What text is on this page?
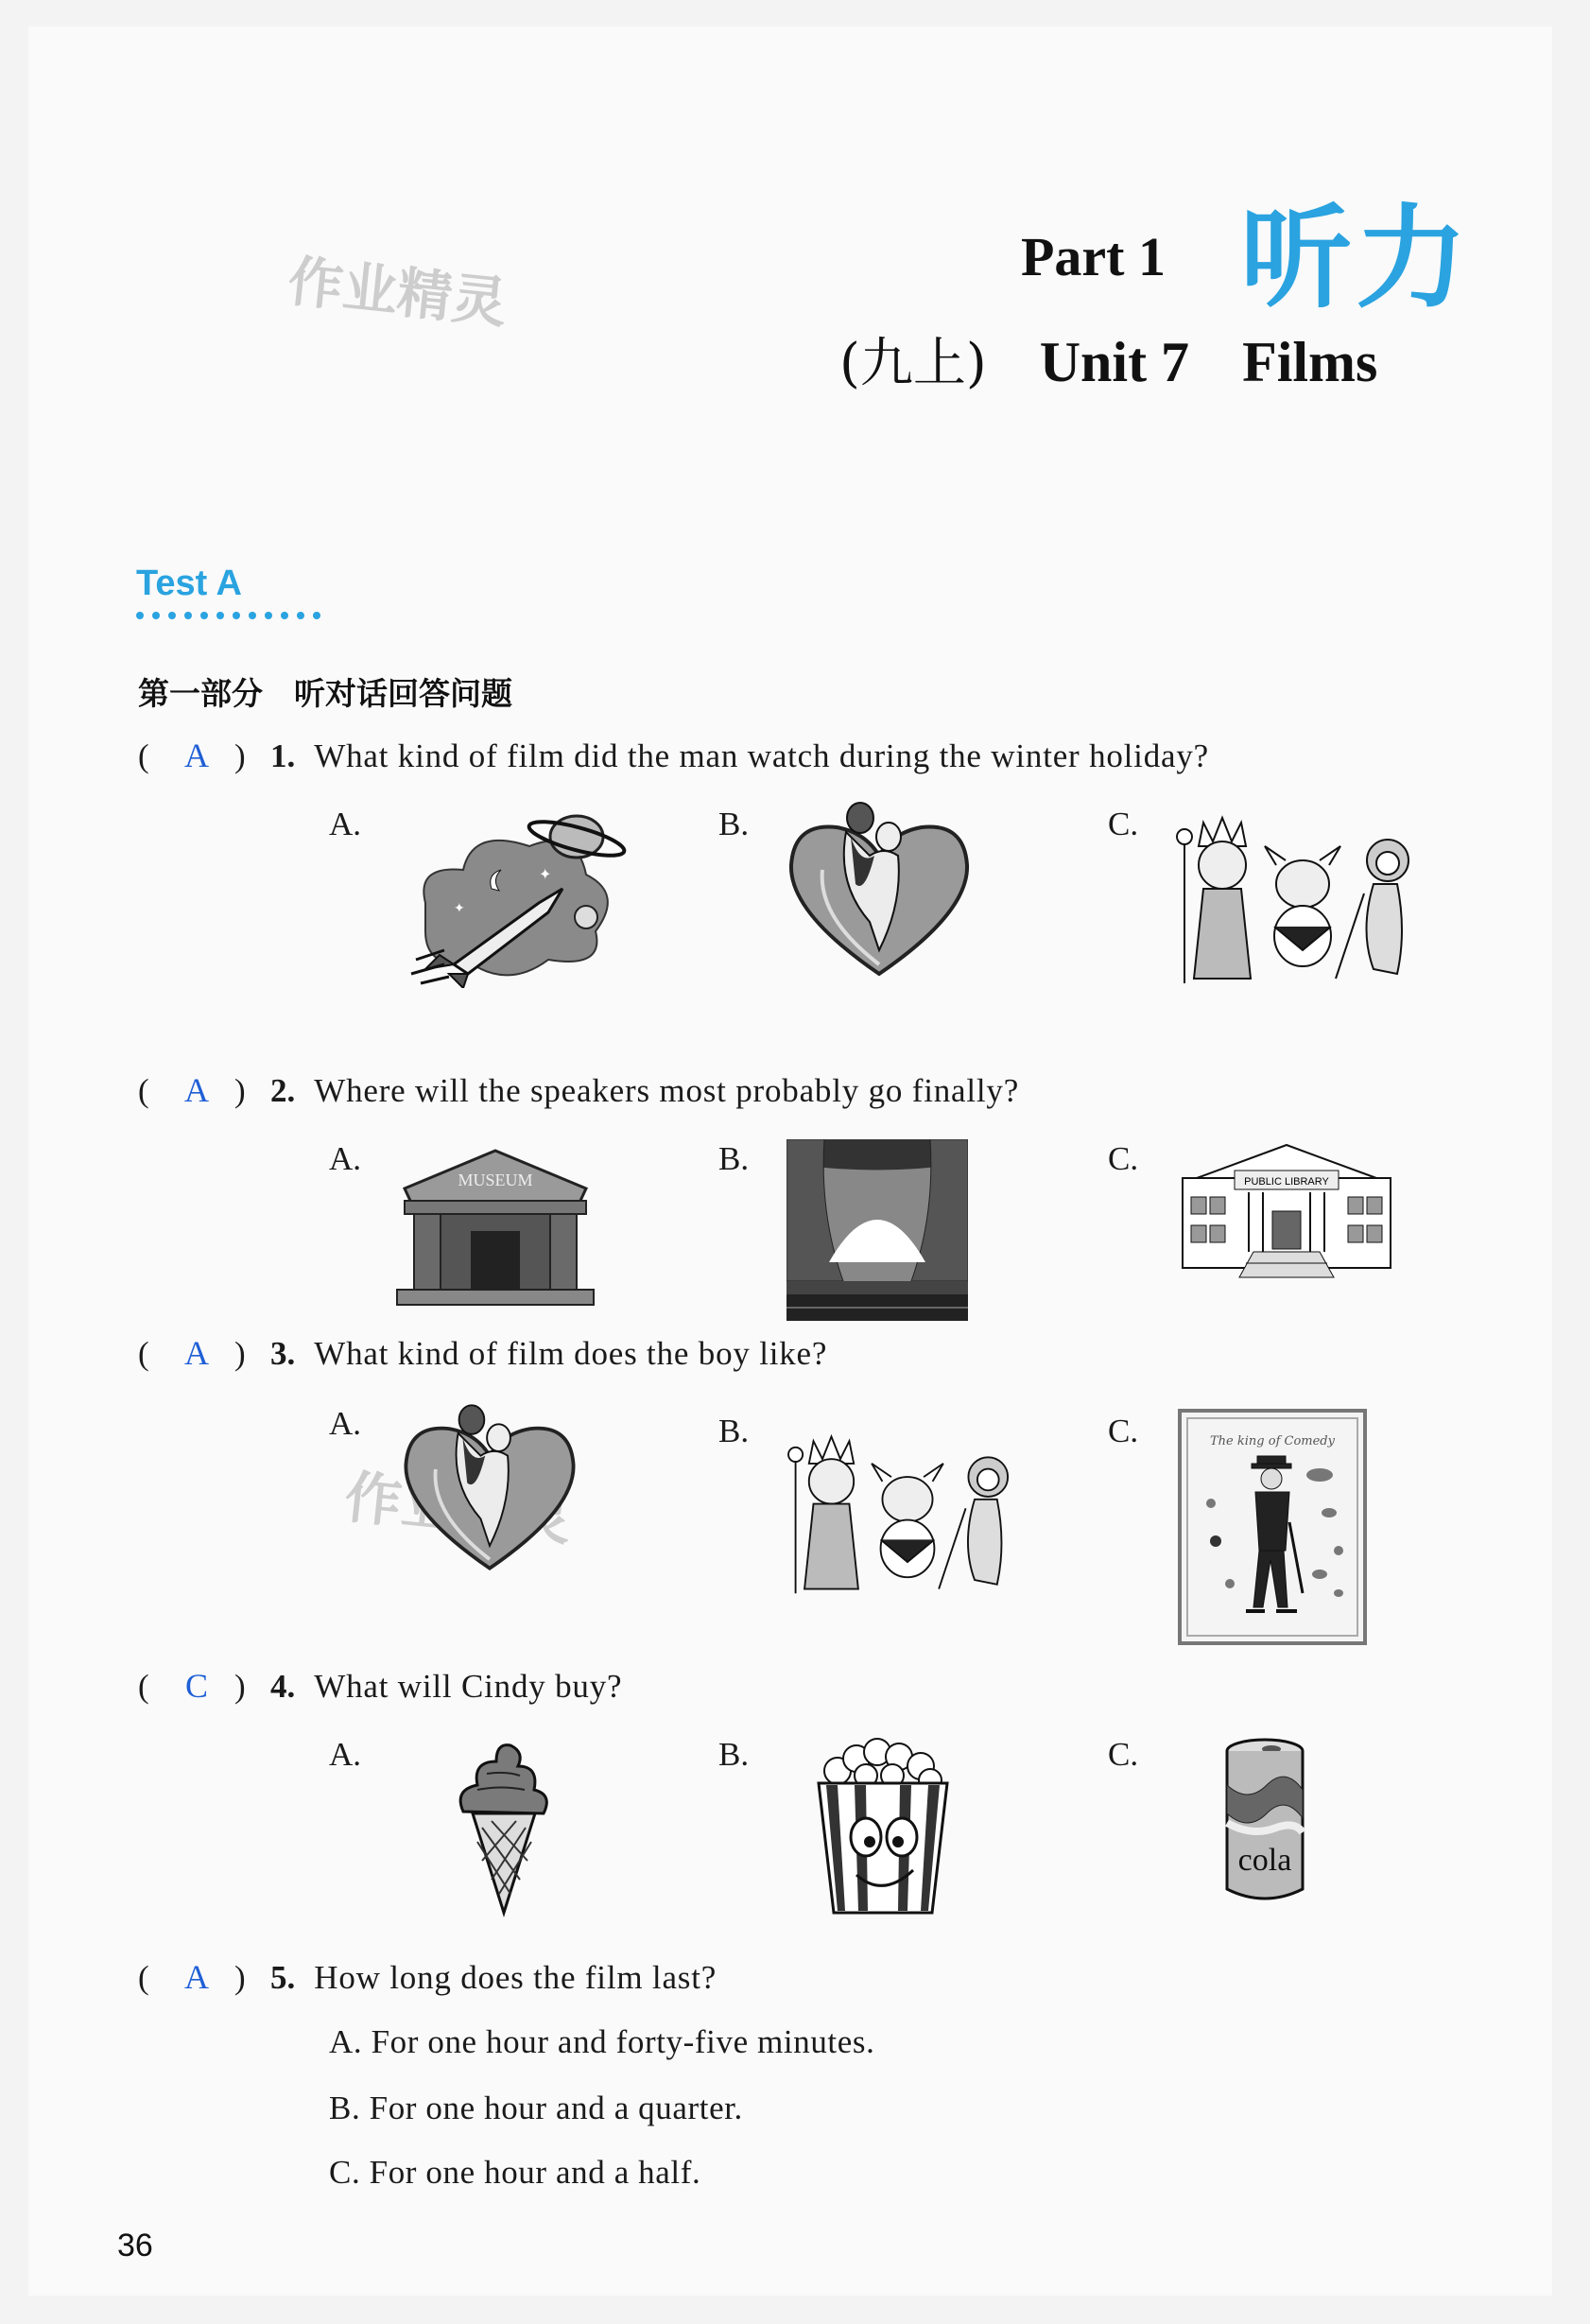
作业精灵	Part 1 听力
(九上) Unit 7 Films
Test A
第一部分　听对话回答问题
(	A ) 1. What kind of film did the man watch during the winter holiday?
A.	B.	C.
✦
✦
(	A ) 2. Where will the speakers most probably go finally?
A.	B.	C.
MUSEUM	PUBLIC LIBRARY
(	A ) 3. What kind of film does the boy like?
A.	B.	C.	The king of Comedy
(	C ) 4. What will Cindy buy?
A.	B.	C.
cola
(	A ) 5. How long does the film last?
A. For one hour and forty-five minutes.
B. For one hour and a quarter.
C. For one hour and a half.
36
